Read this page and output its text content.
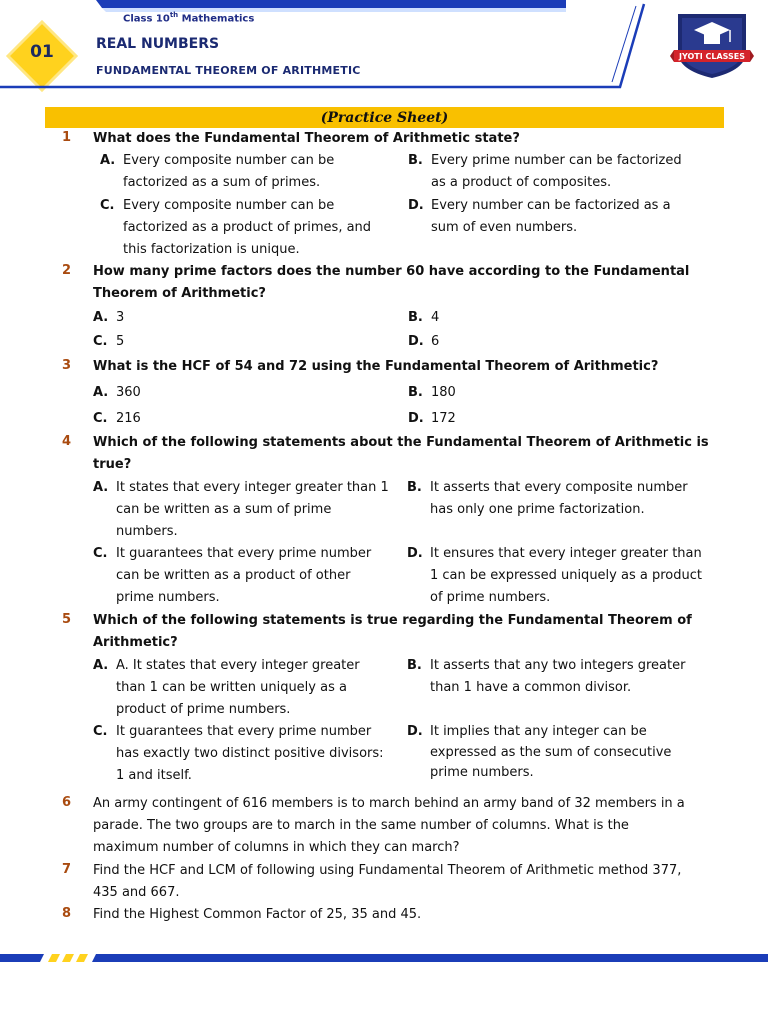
Class 10th Mathematics
01	REAL NUMBERS
FUNDAMENTAL THEOREM OF ARITHMETIC
JYOTI CLASSES
(Practice Sheet)
1 What does the Fundamental Theorem of Arithmetic state?
A. Every composite number can be
factorized as a sum of primes.
B. Every prime number can be factorized
as a product of composites.
C. Every composite number can be
factorized as a product of primes, and
this factorization is unique.
D. Every number can be factorized as a
sum of even numbers.
2 How many prime factors does the number 60 have according to the Fundamental
Theorem of Arithmetic?
A. 3	B. 4
C. 5	D. 6
3 What is the HCF of 54 and 72 using the Fundamental Theorem of Arithmetic?
A. 360	B. 180
C. 216	D. 172
4 Which of the following statements about the Fundamental Theorem of Arithmetic is
true?
A. It states that every integer greater than 1
can be written as a sum of prime
numbers.
B. It asserts that every composite number
has only one prime factorization.
C. It guarantees that every prime number
can be written as a product of other
prime numbers.
D. It ensures that every integer greater than
1 can be expressed uniquely as a product
of prime numbers.
5 Which of the following statements is true regarding the Fundamental Theorem of
Arithmetic?
A. A. It states that every integer greater
than 1 can be written uniquely as a
product of prime numbers.
B. It asserts that any two integers greater
than 1 have a common divisor.
C. It guarantees that every prime number
has exactly two distinct positive divisors:
1 and itself.
D. It implies that any integer can be
expressed as the sum of consecutive
prime numbers.
6 An army contingent of 616 members is to march behind an army band of 32 members in a
parade. The two groups are to march in the same number of columns. What is the
maximum number of columns in which they can march?
7 Find the HCF and LCM of following using Fundamental Theorem of Arithmetic method 377,
435 and 667.
8 Find the Highest Common Factor of 25, 35 and 45.
